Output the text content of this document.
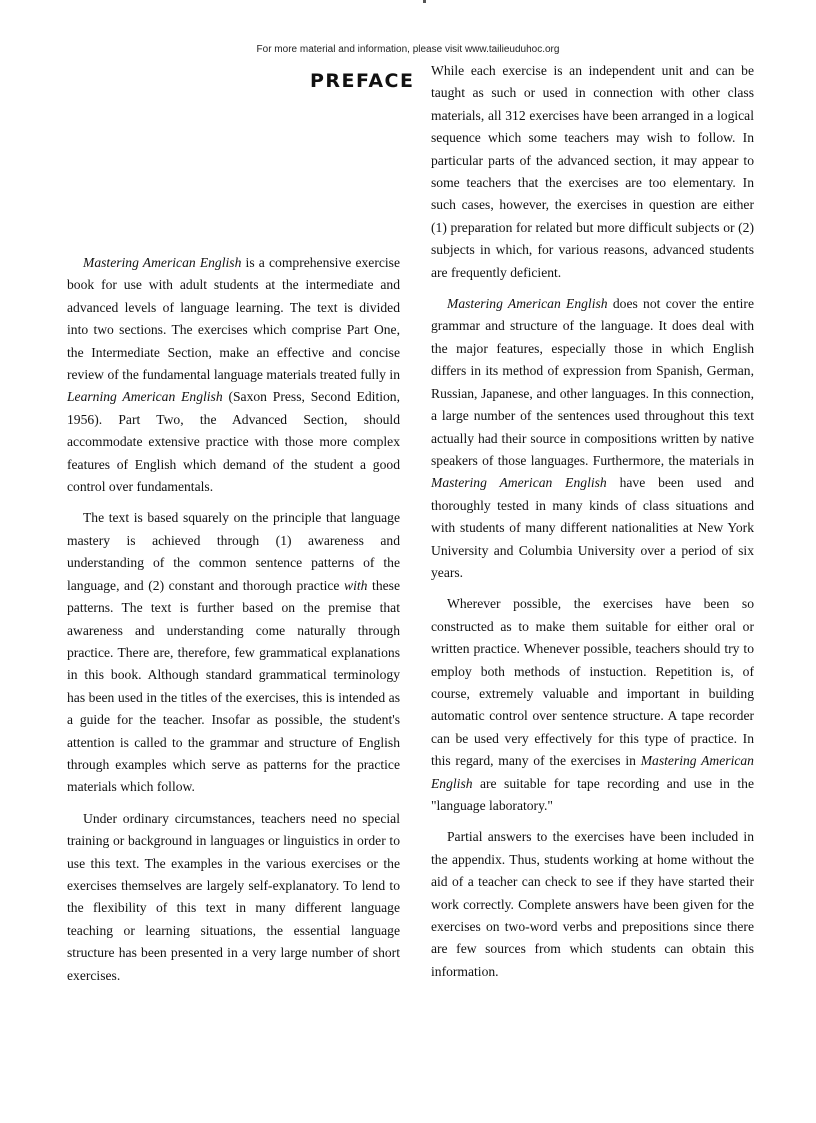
For more material and information, please visit www.tailieuduhoc.org
PREFACE

Mastering American English is a comprehensive exercise book for use with adult students at the intermediate and advanced levels of language learning. The text is divided into two sections. The exercises which comprise Part One, the Intermediate Section, make an effective and concise review of the fundamental language materials treated fully in Learning American English (Saxon Press, Second Edition, 1956). Part Two, the Advanced Section, should accommodate extensive practice with those more complex features of English which demand of the student a good control over fundamentals.

The text is based squarely on the principle that language mastery is achieved through (1) awareness and understanding of the common sentence patterns of the language, and (2) constant and thorough practice with these patterns. The text is further based on the premise that awareness and understanding come naturally through practice. There are, therefore, few grammatical explanations in this book. Although standard grammatical terminology has been used in the titles of the exercises, this is intended as a guide for the teacher. Insofar as possible, the student's attention is called to the grammar and structure of English through examples which serve as patterns for the practice materials which follow.

Under ordinary circumstances, teachers need no special training or background in languages or linguistics in order to use this text. The examples in the various exercises or the exercises themselves are largely self-explanatory. To lend to the flexibility of this text in many different language teaching or learning situations, the essential language structure has been presented in a very large number of short exercises.

While each exercise is an independent unit and can be taught as such or used in connection with other class materials, all 312 exercises have been arranged in a logical sequence which some teachers may wish to follow. In particular parts of the advanced section, it may appear to some teachers that the exercises are too elementary. In such cases, however, the exercises in question are either (1) preparation for related but more difficult subjects or (2) subjects in which, for various reasons, advanced students are frequently deficient.

Mastering American English does not cover the entire grammar and structure of the language. It does deal with the major features, especially those in which English differs in its method of expression from Spanish, German, Russian, Japanese, and other languages. In this connection, a large number of the sentences used throughout this text actually had their source in compositions written by native speakers of those languages. Furthermore, the materials in Mastering American English have been used and thoroughly tested in many kinds of class situations and with students of many different nationalities at New York University and Columbia University over a period of six years.

Wherever possible, the exercises have been so constructed as to make them suitable for either oral or written practice. Whenever possible, teachers should try to employ both methods of instuction. Repetition is, of course, extremely valuable and important in building automatic control over sentence structure. A tape recorder can be used very effectively for this type of practice. In this regard, many of the exercises in Mastering American English are suitable for tape recording and use in the "language laboratory."

Partial answers to the exercises have been included in the appendix. Thus, students working at home without the aid of a teacher can check to see if they have started their work correctly. Complete answers have been given for the exercises on two-word verbs and prepositions since there are few sources from which students can obtain this information.
